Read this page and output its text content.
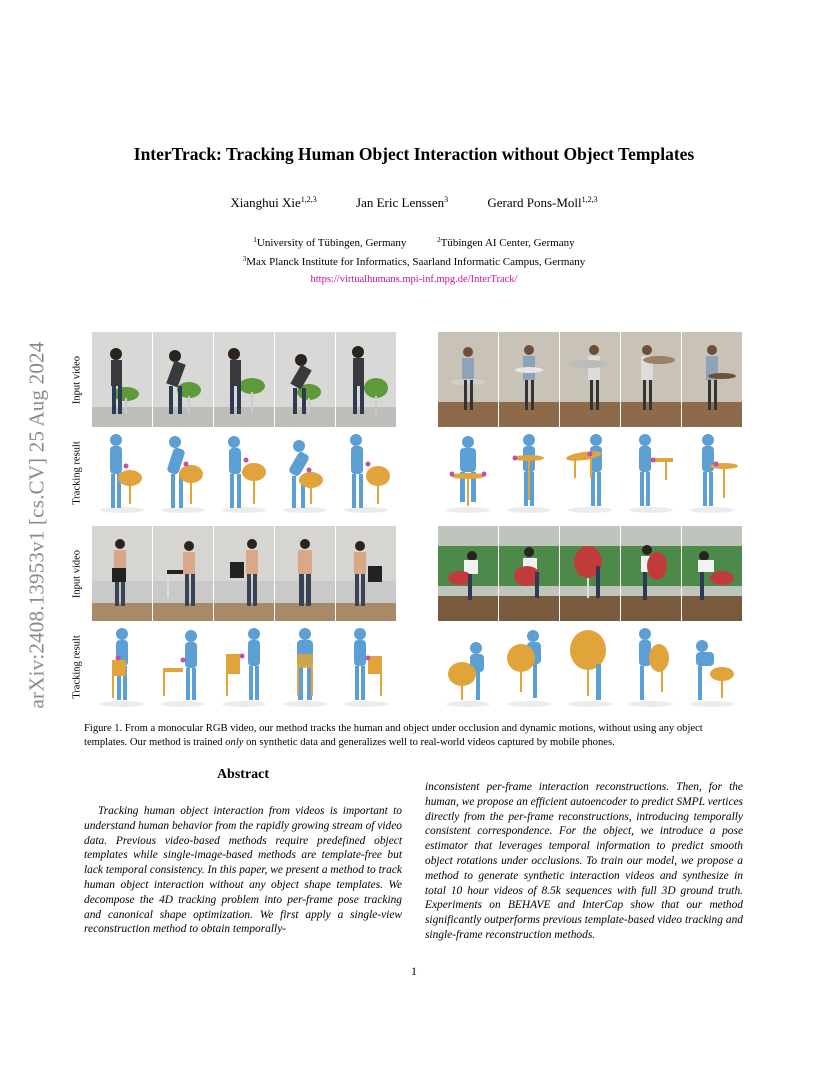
arXiv:2408.13953v1 [cs.CV] 25 Aug 2024
InterTrack: Tracking Human Object Interaction without Object Templates
Xianghui Xie$^{1,2,3}$	Jan Eric Lenssen$^3$	Gerard Pons-Moll$^{1,2,3}$
$^1$University of Tübingen, Germany	$^2$Tübingen AI Center, Germany
$^3$Max Planck Institute for Informatics, Saarland Informatic Campus, Germany
https://virtualhumans.mpi-inf.mpg.de/InterTrack/
Input video
Tracking result
Input video
Tracking result
Figure 1. From a monocular RGB video, our method tracks the human and object under occlusion and dynamic motions, without using any object templates. Our method is trained only on synthetic data and generalizes well to real-world videos captured by mobile phones.
Abstract
Tracking human object interaction from videos is important to understand human behavior from the rapidly growing stream of video data. Previous video-based methods require predefined object templates while single-image-based methods are template-free but lack temporal consistency. In this paper, we present a method to track human object interaction without any object shape templates. We decompose the 4D tracking problem into per-frame pose tracking and canonical shape optimization. We first apply a single-view reconstruction method to obtain temporally-
inconsistent per-frame interaction reconstructions. Then, for the human, we propose an efficient autoencoder to predict SMPL vertices directly from the per-frame reconstructions, introducing temporally consistent correspondence. For the object, we introduce a pose estimator that leverages temporal information to predict smooth object rotations under occlusions. To train our model, we propose a method to generate synthetic interaction videos and synthesize in total 10 hour videos of 8.5k sequences with full 3D ground truth. Experiments on BEHAVE and InterCap show that our method significantly outperforms previous template-based video tracking and single-frame reconstruction methods.
1
